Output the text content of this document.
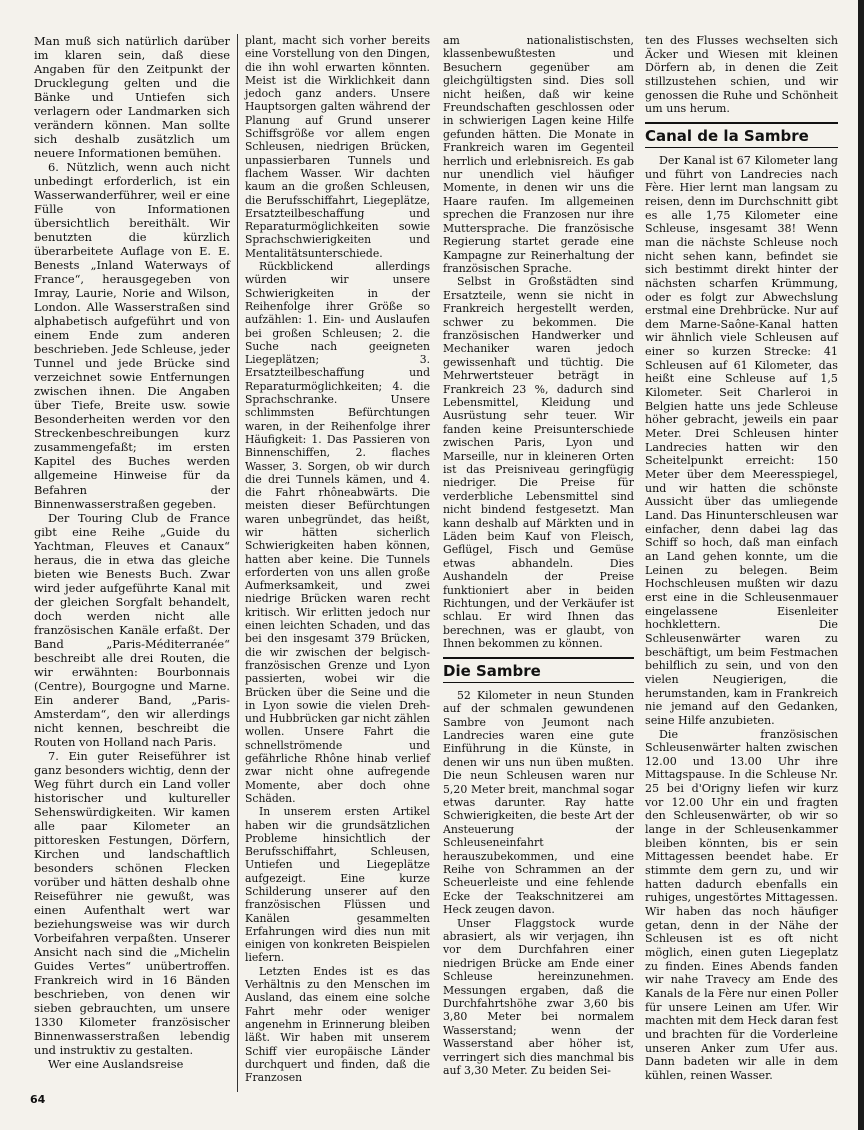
Man muß sich natürlich darüber im klaren sein, daß diese Angaben für den Zeitpunkt der Drucklegung gelten und die Bänke und Untiefen sich verlagern oder Landmarken sich verändern können. Man sollte sich deshalb zusätzlich um neuere Informationen bemühen.

6. Nützlich, wenn auch nicht unbedingt erforderlich, ist ein Wasserwanderführer, weil er eine Fülle von Informationen übersichtlich bereithält. Wir benutzten die kürzlich überarbeitete Auflage von E. E. Benests „Inland Waterways of France“, herausgegeben von Imray, Laurie, Norie and Wilson, London. Alle Wasserstraßen sind alphabetisch aufgeführt und von einem Ende zum anderen beschrieben. Jede Schleuse, jeder Tunnel und jede Brücke sind verzeichnet sowie Entfernungen zwischen ihnen. Die Angaben über Tiefe, Breite usw. sowie Besonderheiten werden vor den Streckenbeschreibungen kurz zusammengefaßt; im ersten Kapitel des Buches werden allgemeine Hinweise für da Befahren der Binnenwasserstraßen gegeben.

Der Touring Club de France gibt eine Reihe „Guide du Yachtman, Fleuves et Canaux“ heraus, die in etwa das gleiche bieten wie Benests Buch. Zwar wird jeder aufgeführte Kanal mit der gleichen Sorgfalt behandelt, doch werden nicht alle französischen Kanäle erfaßt. Der Band „Paris-Méditerranée“ beschreibt alle drei Routen, die wir erwähnten: Bourbonnais (Centre), Bourgogne und Marne. Ein anderer Band, „Paris-Amsterdam“, den wir allerdings nicht kennen, beschreibt die Routen von Holland nach Paris.

7. Ein guter Reiseführer ist ganz besonders wichtig, denn der Weg führt durch ein Land voller historischer und kultureller Sehenswürdigkeiten. Wir kamen alle paar Kilometer an pittoresken Festungen, Dörfern, Kirchen und landschaftlich besonders schönen Flecken vorüber und hätten deshalb ohne Reiseführer nie gewußt, was einen Aufenthalt wert war beziehungsweise was wir durch Vorbeifahren verpaßten. Unserer Ansicht nach sind die „Michelin Guides Vertes“ unübertroffen. Frankreich wird in 16 Bänden beschrieben, von denen wir sieben gebrauchten, um unsere 1330 Kilometer französischer Binnenwasserstraßen lebendig und instruktiv zu gestalten.

Wer eine Auslandsreise

plant, macht sich vorher bereits eine Vorstellung von den Dingen, die ihn wohl erwarten könnten. Meist ist die Wirklichkeit dann jedoch ganz anders. Unsere Hauptsorgen galten während der Planung auf Grund unserer Schiffsgröße vor allem engen Schleusen, niedrigen Brücken, unpassierbaren Tunnels und flachem Wasser. Wir dachten kaum an die großen Schleusen, die Berufsschiffahrt, Liegeplätze, Ersatzteilbeschaffung und Reparaturmöglichkeiten sowie Sprachschwierigkeiten und Mentalitätsunterschiede.

Rückblickend allerdings würden wir unsere Schwierigkeiten in der Reihenfolge ihrer Größe so aufzählen: 1. Ein- und Auslaufen bei großen Schleusen; 2. die Suche nach geeigneten Liegeplätzen; 3. Ersatzteilbeschaffung und Reparaturmöglichkeiten; 4. die Sprachschranke. Unsere schlimmsten Befürchtungen waren, in der Reihenfolge ihrer Häufigkeit: 1. Das Passieren von Binnenschiffen, 2. flaches Wasser, 3. Sorgen, ob wir durch die drei Tunnels kämen, und 4. die Fahrt rhôneabwärts. Die meisten dieser Befürchtungen waren unbegründet, das heißt, wir hätten sicherlich Schwierigkeiten haben können, hatten aber keine. Die Tunnels erforderten von uns allen große Aufmerksamkeit, und zwei niedrige Brücken waren recht kritisch. Wir erlitten jedoch nur einen leichten Schaden, und das bei den insgesamt 379 Brücken, die wir zwischen der belgisch-französischen Grenze und Lyon passierten, wobei wir die Brücken über die Seine und die in Lyon sowie die vielen Dreh- und Hubbrücken gar nicht zählen wollen. Unsere Fahrt die schnellströmende und gefährliche Rhône hinab verlief zwar nicht ohne aufregende Momente, aber doch ohne Schäden.

In unserem ersten Artikel haben wir die grundsätzlichen Probleme hinsichtlich der Berufsschiffahrt, Schleusen, Untiefen und Liegeplätze aufgezeigt. Eine kurze Schilderung unserer auf den französischen Flüssen und Kanälen gesammelten Erfahrungen wird dies nun mit einigen von konkreten Beispielen liefern.

Letzten Endes ist es das Verhältnis zu den Menschen im Ausland, das einem eine solche Fahrt mehr oder weniger angenehm in Erinnerung bleiben läßt. Wir haben mit unserem Schiff vier europäische Länder durchquert und finden, daß die Franzosen

am nationalistischsten, klassenbewußtesten und Besuchern gegenüber am gleichgültigsten sind. Dies soll nicht heißen, daß wir keine Freundschaften geschlossen oder in schwierigen Lagen keine Hilfe gefunden hätten. Die Monate in Frankreich waren im Gegenteil herrlich und erlebnisreich. Es gab nur unendlich viel häufiger Momente, in denen wir uns die Haare raufen. Im allgemeinen sprechen die Franzosen nur ihre Muttersprache. Die französische Regierung startet gerade eine Kampagne zur Reinerhaltung der französischen Sprache.

Selbst in Großstädten sind Ersatzteile, wenn sie nicht in Frankreich hergestellt werden, schwer zu bekommen. Die französischen Handwerker und Mechaniker waren jedoch gewissenhaft und tüchtig. Die Mehrwertsteuer beträgt in Frankreich 23 %, dadurch sind Lebensmittel, Kleidung und Ausrüstung sehr teuer. Wir fanden keine Preisunterschiede zwischen Paris, Lyon und Marseille, nur in kleineren Orten ist das Preisniveau geringfügig niedriger. Die Preise für verderbliche Lebensmittel sind nicht bindend festgesetzt. Man kann deshalb auf Märkten und in Läden beim Kauf von Fleisch, Geflügel, Fisch und Gemüse etwas abhandeln. Dies Aushandeln der Preise funktioniert aber in beiden Richtungen, und der Verkäufer ist schlau. Er wird Ihnen das berechnen, was er glaubt, von Ihnen bekommen zu können.

Die Sambre

52 Kilometer in neun Stunden auf der schmalen gewundenen Sambre von Jeumont nach Landrecies waren eine gute Einführung in die Künste, in denen wir uns nun üben mußten. Die neun Schleusen waren nur 5,20 Meter breit, manchmal sogar etwas darunter. Ray hatte Schwierigkeiten, die beste Art der Ansteuerung der Schleuseneinfahrt herauszubekommen, und eine Reihe von Schrammen an der Scheuerleiste und eine fehlende Ecke der Teakschnitzerei am Heck zeugen davon.

Unser Flaggstock wurde abrasiert, als wir verjagen, ihn vor dem Durchfahren einer niedrigen Brücke am Ende einer Schleuse hereinzunehmen. Messungen ergaben, daß die Durchfahrtshöhe zwar 3,60 bis 3,80 Meter bei normalem Wasserstand; wenn der Wasserstand aber höher ist, verringert sich dies manchmal bis auf 3,30 Meter. Zu beiden Sei-

ten des Flusses wechselten sich Äcker und Wiesen mit kleinen Dörfern ab, in denen die Zeit stillzustehen schien, und wir genossen die Ruhe und Schönheit um uns herum.

Canal de la Sambre

Der Kanal ist 67 Kilometer lang und führt von Landrecies nach Fère. Hier lernt man langsam zu reisen, denn im Durchschnitt gibt es alle 1,75 Kilometer eine Schleuse, insgesamt 38! Wenn man die nächste Schleuse noch nicht sehen kann, befindet sie sich bestimmt direkt hinter der nächsten scharfen Krümmung, oder es folgt zur Abwechslung erstmal eine Drehbrücke. Nur auf dem Marne-Saône-Kanal hatten wir ähnlich viele Schleusen auf einer so kurzen Strecke: 41 Schleusen auf 61 Kilometer, das heißt eine Schleuse auf 1,5 Kilometer. Seit Charleroi in Belgien hatte uns jede Schleuse höher gebracht, jeweils ein paar Meter. Drei Schleusen hinter Landrecies hatten wir den Scheitelpunkt erreicht: 150 Meter über dem Meeresspiegel, und wir hatten die schönste Aussicht über das umliegende Land. Das Hinunterschleusen war einfacher, denn dabei lag das Schiff so hoch, daß man einfach an Land gehen konnte, um die Leinen zu belegen. Beim Hochschleusen mußten wir dazu erst eine in die Schleusenmauer eingelassene Eisenleiter hochklettern. Die Schleusenwärter waren zu beschäftigt, um beim Festmachen behilflich zu sein, und von den vielen Neugierigen, die herumstanden, kam in Frankreich nie jemand auf den Gedanken, seine Hilfe anzubieten.

Die französischen Schleusenwärter halten zwischen 12.00 und 13.00 Uhr ihre Mittagspause. In die Schleuse Nr. 25 bei d'Origny liefen wir kurz vor 12.00 Uhr ein und fragten den Schleusenwärter, ob wir so lange in der Schleusenkammer bleiben könnten, bis er sein Mittagessen beendet habe. Er stimmte dem gern zu, und wir hatten dadurch ebenfalls ein ruhiges, ungestörtes Mittagessen. Wir haben das noch häufiger getan, denn in der Nähe der Schleusen ist es oft nicht möglich, einen guten Liegeplatz zu finden. Eines Abends fanden wir nahe Travecy am Ende des Kanals de la Fère nur einen Poller für unsere Leinen am Ufer. Wir machten mit dem Heck daran fest und brachten für die Vorderleine unseren Anker zum Ufer aus. Dann badeten wir alle in dem kühlen, reinen Wasser.

64
